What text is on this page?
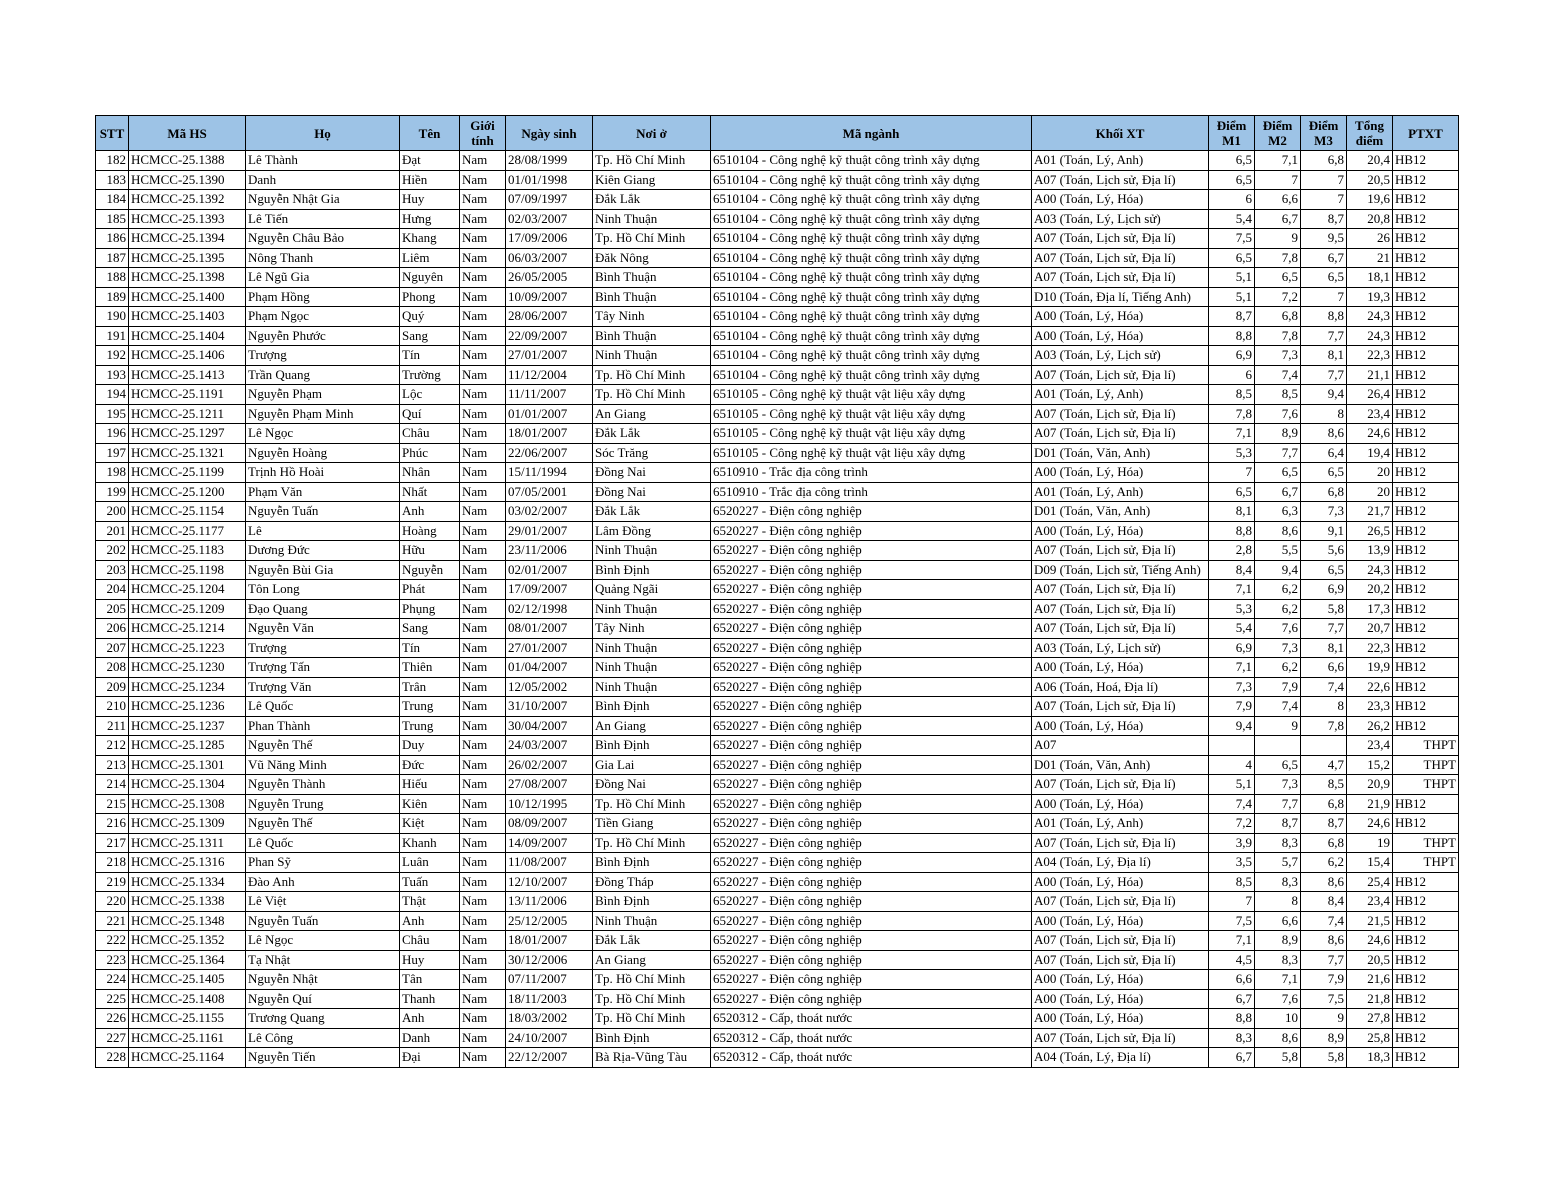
STT	Mã HS	Họ	Tên	Giới tính	Ngày sinh	Nơi ở	Mã ngành	Khối XT	Điểm M1	Điểm M2	Điểm M3	Tổng điểm	PTXT
182	HCMCC-25.1388	Lê Thành	Đạt	Nam	28/08/1999	Tp. Hồ Chí Minh	6510104 - Công nghệ kỹ thuật công trình xây dựng	A01 (Toán, Lý, Anh)	6,5	7,1	6,8	20,4	HB12
183	HCMCC-25.1390	Danh	Hiền	Nam	01/01/1998	Kiên Giang	6510104 - Công nghệ kỹ thuật công trình xây dựng	A07 (Toán, Lịch sử, Địa lí)	6,5	7	7	20,5	HB12
184	HCMCC-25.1392	Nguyễn Nhật Gia	Huy	Nam	07/09/1997	Đắk Lắk	6510104 - Công nghệ kỹ thuật công trình xây dựng	A00 (Toán, Lý, Hóa)	6	6,6	7	19,6	HB12
185	HCMCC-25.1393	Lê Tiến	Hưng	Nam	02/03/2007	Ninh Thuận	6510104 - Công nghệ kỹ thuật công trình xây dựng	A03 (Toán, Lý, Lịch sử)	5,4	6,7	8,7	20,8	HB12
186	HCMCC-25.1394	Nguyễn Châu Bảo	Khang	Nam	17/09/2006	Tp. Hồ Chí Minh	6510104 - Công nghệ kỹ thuật công trình xây dựng	A07 (Toán, Lịch sử, Địa lí)	7,5	9	9,5	26	HB12
187	HCMCC-25.1395	Nông Thanh	Liêm	Nam	06/03/2007	Đăk Nông	6510104 - Công nghệ kỹ thuật công trình xây dựng	A07 (Toán, Lịch sử, Địa lí)	6,5	7,8	6,7	21	HB12
188	HCMCC-25.1398	Lê Ngũ Gia	Nguyên	Nam	26/05/2005	Bình Thuận	6510104 - Công nghệ kỹ thuật công trình xây dựng	A07 (Toán, Lịch sử, Địa lí)	5,1	6,5	6,5	18,1	HB12
189	HCMCC-25.1400	Phạm Hồng	Phong	Nam	10/09/2007	Bình Thuận	6510104 - Công nghệ kỹ thuật công trình xây dựng	D10 (Toán, Địa lí, Tiếng Anh)	5,1	7,2	7	19,3	HB12
190	HCMCC-25.1403	Phạm Ngọc	Quý	Nam	28/06/2007	Tây Ninh	6510104 - Công nghệ kỹ thuật công trình xây dựng	A00 (Toán, Lý, Hóa)	8,7	6,8	8,8	24,3	HB12
191	HCMCC-25.1404	Nguyễn Phước	Sang	Nam	22/09/2007	Bình Thuận	6510104 - Công nghệ kỹ thuật công trình xây dựng	A00 (Toán, Lý, Hóa)	8,8	7,8	7,7	24,3	HB12
192	HCMCC-25.1406	Trượng	Tín	Nam	27/01/2007	Ninh Thuận	6510104 - Công nghệ kỹ thuật công trình xây dựng	A03 (Toán, Lý, Lịch sử)	6,9	7,3	8,1	22,3	HB12
193	HCMCC-25.1413	Trần Quang	Trường	Nam	11/12/2004	Tp. Hồ Chí Minh	6510104 - Công nghệ kỹ thuật công trình xây dựng	A07 (Toán, Lịch sử, Địa lí)	6	7,4	7,7	21,1	HB12
194	HCMCC-25.1191	Nguyễn Phạm	Lộc	Nam	11/11/2007	Tp. Hồ Chí Minh	6510105 - Công nghệ kỹ thuật vật liệu xây dựng	A01 (Toán, Lý, Anh)	8,5	8,5	9,4	26,4	HB12
195	HCMCC-25.1211	Nguyễn Phạm Minh	Quí	Nam	01/01/2007	An Giang	6510105 - Công nghệ kỹ thuật vật liệu xây dựng	A07 (Toán, Lịch sử, Địa lí)	7,8	7,6	8	23,4	HB12
196	HCMCC-25.1297	Lê Ngọc	Châu	Nam	18/01/2007	Đắk Lắk	6510105 - Công nghệ kỹ thuật vật liệu xây dựng	A07 (Toán, Lịch sử, Địa lí)	7,1	8,9	8,6	24,6	HB12
197	HCMCC-25.1321	Nguyễn Hoàng	Phúc	Nam	22/06/2007	Sóc Trăng	6510105 - Công nghệ kỹ thuật vật liệu xây dựng	D01 (Toán, Văn, Anh)	5,3	7,7	6,4	19,4	HB12
198	HCMCC-25.1199	Trịnh Hồ Hoài	Nhân	Nam	15/11/1994	Đồng Nai	6510910 - Trắc địa công trình	A00 (Toán, Lý, Hóa)	7	6,5	6,5	20	HB12
199	HCMCC-25.1200	Phạm Văn	Nhất	Nam	07/05/2001	Đồng Nai	6510910 - Trắc địa công trình	A01 (Toán, Lý, Anh)	6,5	6,7	6,8	20	HB12
200	HCMCC-25.1154	Nguyễn Tuấn	Anh	Nam	03/02/2007	Đắk Lắk	6520227 - Điện công nghiệp	D01 (Toán, Văn, Anh)	8,1	6,3	7,3	21,7	HB12
201	HCMCC-25.1177	Lê	Hoàng	Nam	29/01/2007	Lâm Đồng	6520227 - Điện công nghiệp	A00 (Toán, Lý, Hóa)	8,8	8,6	9,1	26,5	HB12
202	HCMCC-25.1183	Dương Đức	Hữu	Nam	23/11/2006	Ninh Thuận	6520227 - Điện công nghiệp	A07 (Toán, Lịch sử, Địa lí)	2,8	5,5	5,6	13,9	HB12
203	HCMCC-25.1198	Nguyễn Bùi Gia	Nguyễn	Nam	02/01/2007	Bình Định	6520227 - Điện công nghiệp	D09 (Toán, Lịch sử, Tiếng Anh)	8,4	9,4	6,5	24,3	HB12
204	HCMCC-25.1204	Tôn Long	Phát	Nam	17/09/2007	Quảng Ngãi	6520227 - Điện công nghiệp	A07 (Toán, Lịch sử, Địa lí)	7,1	6,2	6,9	20,2	HB12
205	HCMCC-25.1209	Đạo Quang	Phụng	Nam	02/12/1998	Ninh Thuận	6520227 - Điện công nghiệp	A07 (Toán, Lịch sử, Địa lí)	5,3	6,2	5,8	17,3	HB12
206	HCMCC-25.1214	Nguyễn Văn	Sang	Nam	08/01/2007	Tây Ninh	6520227 - Điện công nghiệp	A07 (Toán, Lịch sử, Địa lí)	5,4	7,6	7,7	20,7	HB12
207	HCMCC-25.1223	Trượng	Tín	Nam	27/01/2007	Ninh Thuận	6520227 - Điện công nghiệp	A03 (Toán, Lý, Lịch sử)	6,9	7,3	8,1	22,3	HB12
208	HCMCC-25.1230	Trượng Tấn	Thiên	Nam	01/04/2007	Ninh Thuận	6520227 - Điện công nghiệp	A00 (Toán, Lý, Hóa)	7,1	6,2	6,6	19,9	HB12
209	HCMCC-25.1234	Trượng Văn	Trân	Nam	12/05/2002	Ninh Thuận	6520227 - Điện công nghiệp	A06 (Toán, Hoá, Địa lí)	7,3	7,9	7,4	22,6	HB12
210	HCMCC-25.1236	Lê Quốc	Trung	Nam	31/10/2007	Bình Định	6520227 - Điện công nghiệp	A07 (Toán, Lịch sử, Địa lí)	7,9	7,4	8	23,3	HB12
211	HCMCC-25.1237	Phan Thành	Trung	Nam	30/04/2007	An Giang	6520227 - Điện công nghiệp	A00 (Toán, Lý, Hóa)	9,4	9	7,8	26,2	HB12
212	HCMCC-25.1285	Nguyễn Thế	Duy	Nam	24/03/2007	Bình Định	6520227 - Điện công nghiệp	A07				23,4	THPT
213	HCMCC-25.1301	Vũ Năng Minh	Đức	Nam	26/02/2007	Gia Lai	6520227 - Điện công nghiệp	D01 (Toán, Văn, Anh)	4	6,5	4,7	15,2	THPT
214	HCMCC-25.1304	Nguyễn Thành	Hiếu	Nam	27/08/2007	Đồng Nai	6520227 - Điện công nghiệp	A07 (Toán, Lịch sử, Địa lí)	5,1	7,3	8,5	20,9	THPT
215	HCMCC-25.1308	Nguyễn Trung	Kiên	Nam	10/12/1995	Tp. Hồ Chí Minh	6520227 - Điện công nghiệp	A00 (Toán, Lý, Hóa)	7,4	7,7	6,8	21,9	HB12
216	HCMCC-25.1309	Nguyễn Thế	Kiệt	Nam	08/09/2007	Tiền Giang	6520227 - Điện công nghiệp	A01 (Toán, Lý, Anh)	7,2	8,7	8,7	24,6	HB12
217	HCMCC-25.1311	Lê Quốc	Khanh	Nam	14/09/2007	Tp. Hồ Chí Minh	6520227 - Điện công nghiệp	A07 (Toán, Lịch sử, Địa lí)	3,9	8,3	6,8	19	THPT
218	HCMCC-25.1316	Phan Sỹ	Luân	Nam	11/08/2007	Bình Định	6520227 - Điện công nghiệp	A04 (Toán, Lý, Địa lí)	3,5	5,7	6,2	15,4	THPT
219	HCMCC-25.1334	Đào Anh	Tuấn	Nam	12/10/2007	Đồng Tháp	6520227 - Điện công nghiệp	A00 (Toán, Lý, Hóa)	8,5	8,3	8,6	25,4	HB12
220	HCMCC-25.1338	Lê Việt	Thật	Nam	13/11/2006	Bình Định	6520227 - Điện công nghiệp	A07 (Toán, Lịch sử, Địa lí)	7	8	8,4	23,4	HB12
221	HCMCC-25.1348	Nguyễn Tuấn	Anh	Nam	25/12/2005	Ninh Thuận	6520227 - Điện công nghiệp	A00 (Toán, Lý, Hóa)	7,5	6,6	7,4	21,5	HB12
222	HCMCC-25.1352	Lê Ngọc	Châu	Nam	18/01/2007	Đắk Lắk	6520227 - Điện công nghiệp	A07 (Toán, Lịch sử, Địa lí)	7,1	8,9	8,6	24,6	HB12
223	HCMCC-25.1364	Tạ Nhật	Huy	Nam	30/12/2006	An Giang	6520227 - Điện công nghiệp	A07 (Toán, Lịch sử, Địa lí)	4,5	8,3	7,7	20,5	HB12
224	HCMCC-25.1405	Nguyễn Nhật	Tân	Nam	07/11/2007	Tp. Hồ Chí Minh	6520227 - Điện công nghiệp	A00 (Toán, Lý, Hóa)	6,6	7,1	7,9	21,6	HB12
225	HCMCC-25.1408	Nguyễn Quí	Thanh	Nam	18/11/2003	Tp. Hồ Chí Minh	6520227 - Điện công nghiệp	A00 (Toán, Lý, Hóa)	6,7	7,6	7,5	21,8	HB12
226	HCMCC-25.1155	Trương Quang	Anh	Nam	18/03/2002	Tp. Hồ Chí Minh	6520312 - Cấp, thoát nước	A00 (Toán, Lý, Hóa)	8,8	10	9	27,8	HB12
227	HCMCC-25.1161	Lê Công	Danh	Nam	24/10/2007	Bình Định	6520312 - Cấp, thoát nước	A07 (Toán, Lịch sử, Địa lí)	8,3	8,6	8,9	25,8	HB12
228	HCMCC-25.1164	Nguyễn Tiến	Đại	Nam	22/12/2007	Bà Rịa-Vũng Tàu	6520312 - Cấp, thoát nước	A04 (Toán, Lý, Địa lí)	6,7	5,8	5,8	18,3	HB12
